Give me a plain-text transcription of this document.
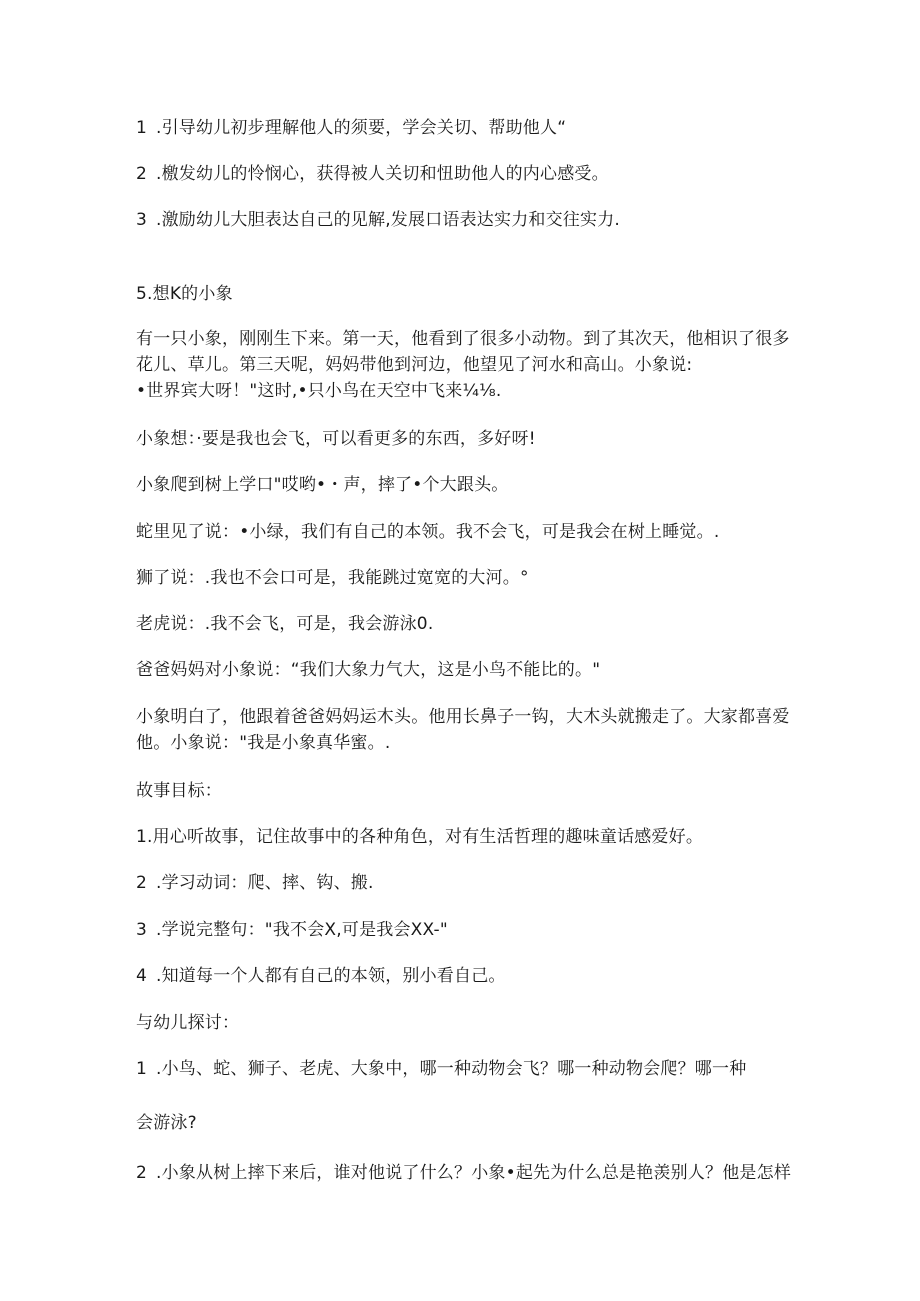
1 .引导幼儿初步理解他人的须要，学会关切、帮助他人“
2 .檄发幼儿的怜悯心，获得被人关切和忸助他人的内心感受。
3 .激励幼儿大胆表达自己的见解,发展口语表达实力和交往实力.
5.想K的小象
有一只小象，刚刚生下来。第一天，他看到了很多小动物。到了其次天，他相识了很多
花儿、草儿。第三天呢，妈妈带他到河边，他望见了河水和高山。小象说:
•世界宾大呀！"这时,•只小鸟在天空中飞来¼⅛.
小象想：·要是我也会飞，可以看更多的东西，多好呀!
小象爬到树上学口"哎哟•・声，摔了•个大跟头。
蛇里见了说：•小绿，我们有自己的本领。我不会飞，可是我会在树上睡觉。.
狮了说：.我也不会口可是，我能跳过宽宽的大河。°
老虎说：.我不会飞，可是，我会游泳0.
爸爸妈妈对小象说：“我们大象力气大，这是小鸟不能比的。"
小象明白了，他跟着爸爸妈妈运木头。他用长鼻子一钩，大木头就搬走了。大家都喜爱
他。小象说："我是小象真华蜜。.
故事目标：
1.用心听故事，记住故事中的各种角色，对有生活哲理的趣味童话感爱好。
2 .学习动词：爬、摔、钩、搬.
3 .学说完整句："我不会X,可是我会XX-"
4 .知道每一个人都有自己的本领，别小看自己。
与幼儿探讨：
1 .小鸟、蛇、狮子、老虎、大象中，哪一种动物会飞？哪一种动物会爬？哪一种
会游泳?
2 .小象从树上摔下来后，谁对他说了什么？小象•起先为什么总是艳羡别人？他是怎样
